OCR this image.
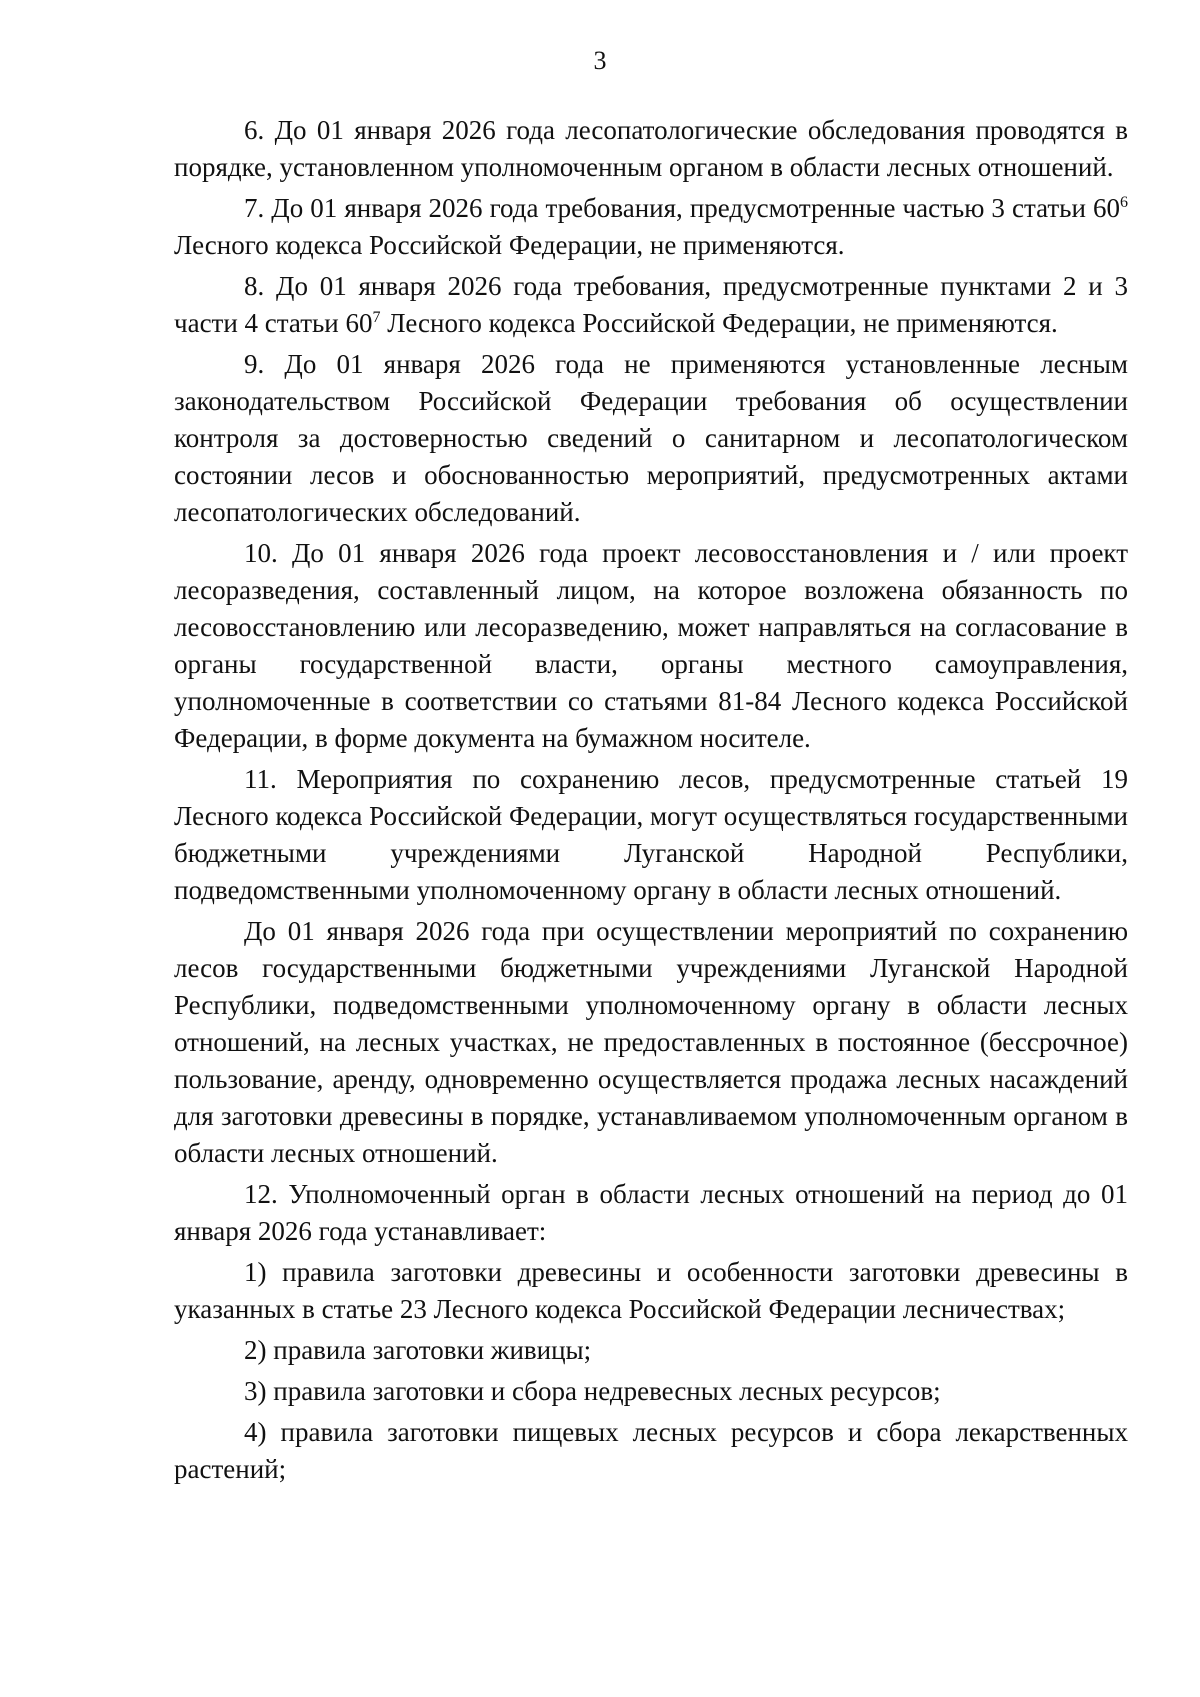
3

6. До 01 января 2026 года лесопатологические обследования проводятся в порядке, установленном уполномоченным органом в области лесных отношений.

7. До 01 января 2026 года требования, предусмотренные частью 3 статьи $60^6$ Лесного кодекса Российской Федерации, не применяются.

8. До 01 января 2026 года требования, предусмотренные пунктами 2 и 3 части 4 статьи $60^7$ Лесного кодекса Российской Федерации, не применяются.

9. До 01 января 2026 года не применяются установленные лесным законодательством Российской Федерации требования об осуществлении контроля за достоверностью сведений о санитарном и лесопатологическом состоянии лесов и обоснованностью мероприятий, предусмотренных актами лесопатологических обследований.

10. До 01 января 2026 года проект лесовосстановления и / или проект лесоразведения, составленный лицом, на которое возложена обязанность по лесовосстановлению или лесоразведению, может направляться на согласование в органы государственной власти, органы местного самоуправления, уполномоченные в соответствии со статьями 81-84 Лесного кодекса Российской Федерации, в форме документа на бумажном носителе.

11. Мероприятия по сохранению лесов, предусмотренные статьей 19 Лесного кодекса Российской Федерации, могут осуществляться государственными бюджетными учреждениями Луганской Народной Республики, подведомственными уполномоченному органу в области лесных отношений.

До 01 января 2026 года при осуществлении мероприятий по сохранению лесов государственными бюджетными учреждениями Луганской Народной Республики, подведомственными уполномоченному органу в области лесных отношений, на лесных участках, не предоставленных в постоянное (бессрочное) пользование, аренду, одновременно осуществляется продажа лесных насаждений для заготовки древесины в порядке, устанавливаемом уполномоченным органом в области лесных отношений.

12. Уполномоченный орган в области лесных отношений на период до 01 января 2026 года устанавливает:

1) правила заготовки древесины и особенности заготовки древесины в указанных в статье 23 Лесного кодекса Российской Федерации лесничествах;

2) правила заготовки живицы;

3) правила заготовки и сбора недревесных лесных ресурсов;

4) правила заготовки пищевых лесных ресурсов и сбора лекарственных растений;
